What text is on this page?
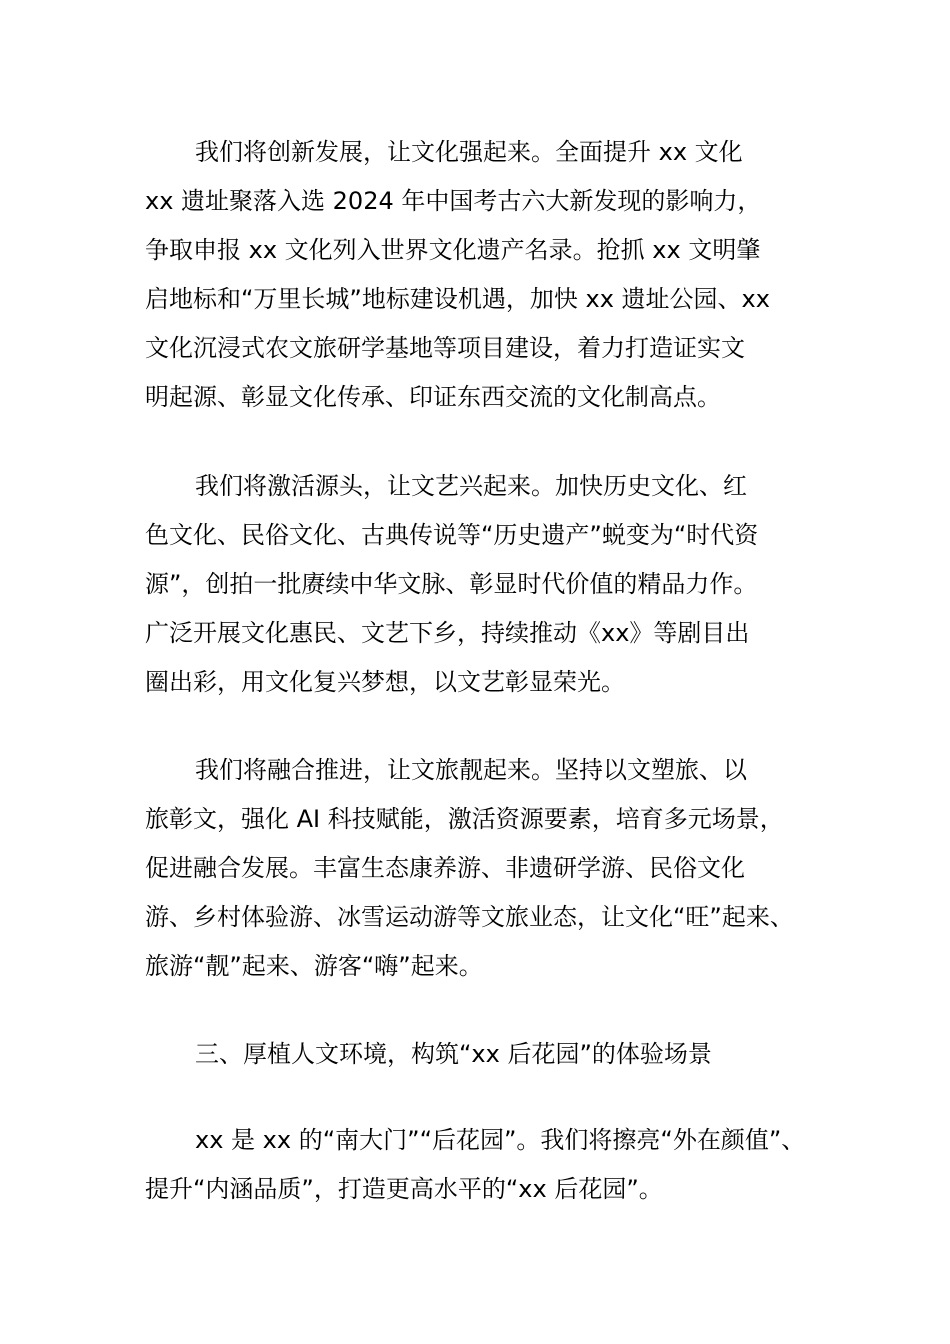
我们将创新发展，让文化强起来。全面提升 xx 文化
xx 遗址聚落入选 2024 年中国考古六大新发现的影响力，
争取申报 xx 文化列入世界文化遗产名录。抢抓 xx 文明肇
启地标和“万里长城”地标建设机遇，加快 xx 遗址公园、xx
文化沉浸式农文旅研学基地等项目建设，着力打造证实文
明起源、彰显文化传承、印证东西交流的文化制高点。
我们将激活源头，让文艺兴起来。加快历史文化、红
色文化、民俗文化、古典传说等“历史遗产”蜕变为“时代资
源”，创拍一批赓续中华文脉、彰显时代价值的精品力作。
广泛开展文化惠民、文艺下乡，持续推动《xx》等剧目出
圈出彩，用文化复兴梦想，以文艺彰显荣光。
我们将融合推进，让文旅靓起来。坚持以文塑旅、以
旅彰文，强化 AI 科技赋能，激活资源要素，培育多元场景，
促进融合发展。丰富生态康养游、非遗研学游、民俗文化
游、乡村体验游、冰雪运动游等文旅业态，让文化“旺”起来、
旅游“靓”起来、游客“嗨”起来。
三、厚植人文环境，构筑“xx 后花园”的体验场景
xx 是 xx 的“南大门”“后花园”。我们将擦亮“外在颜值”、
提升“内涵品质”，打造更高水平的“xx 后花园”。
